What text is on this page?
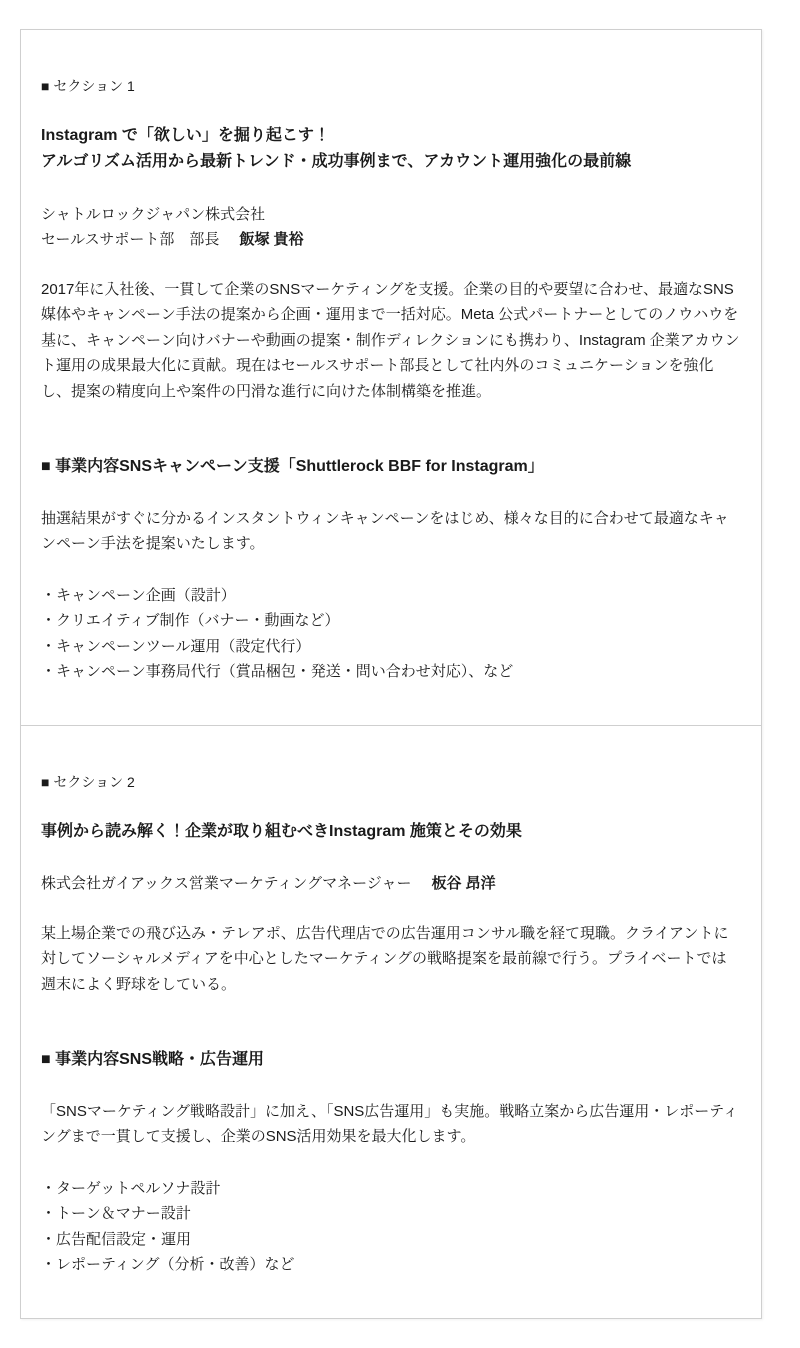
■ セクション 1
Instagram で「欲しい」を掘り起こす！
アルゴリズム活用から最新トレンド・成功事例まで、アカウント運用強化の最前線
シャトルロックジャパン株式会社
セールスサポート部　部長 飯塚 貴裕

2017年に入社後、一貫して企業のSNSマーケティングを支援。企業の目的や要望に合わせ、最適なSNS媒体やキャンペーン手法の提案から企画・運用まで一括対応。Meta 公式パートナーとしてのノウハウを基に、キャンペーン向けバナーや動画の提案・制作ディレクションにも携わり、Instagram 企業アカウント運用の成果最大化に貢献。現在はセールスサポート部長として社内外のコミュニケーションを強化し、提案の精度向上や案件の円滑な進行に向けた体制構築を推進。

■ 事業内容SNSキャンペーン支援「Shuttlerock BBF for Instagram」

抽選結果がすぐに分かるインスタントウィンキャンペーンをはじめ、様々な目的に合わせて最適なキャンペーン手法を提案いたします。

・キャンペーン企画（設計）
・クリエイティブ制作（バナー・動画など）
・キャンペーンツール運用（設定代行）
・キャンペーン事務局代行（賞品梱包・発送・問い合わせ対応）、など
■ セクション 2
事例から読み解く！企業が取り組むべきInstagram 施策とその効果
株式会社ガイアックス営業マーケティングマネージャー 板谷 昂洋

某上場企業での飛び込み・テレアポ、広告代理店での広告運用コンサル職を経て現職。クライアントに対してソーシャルメディアを中心としたマーケティングの戦略提案を最前線で行う。プライベートでは週末によく野球をしている。

■ 事業内容SNS戦略・広告運用

「SNSマーケティング戦略設計」に加え、「SNS広告運用」も実施。戦略立案から広告運用・レポーティングまで一貫して支援し、企業のSNS活用効果を最大化します。

・ターゲットペルソナ設計
・トーン＆マナー設計
・広告配信設定・運用
・レポーティング（分析・改善）など
